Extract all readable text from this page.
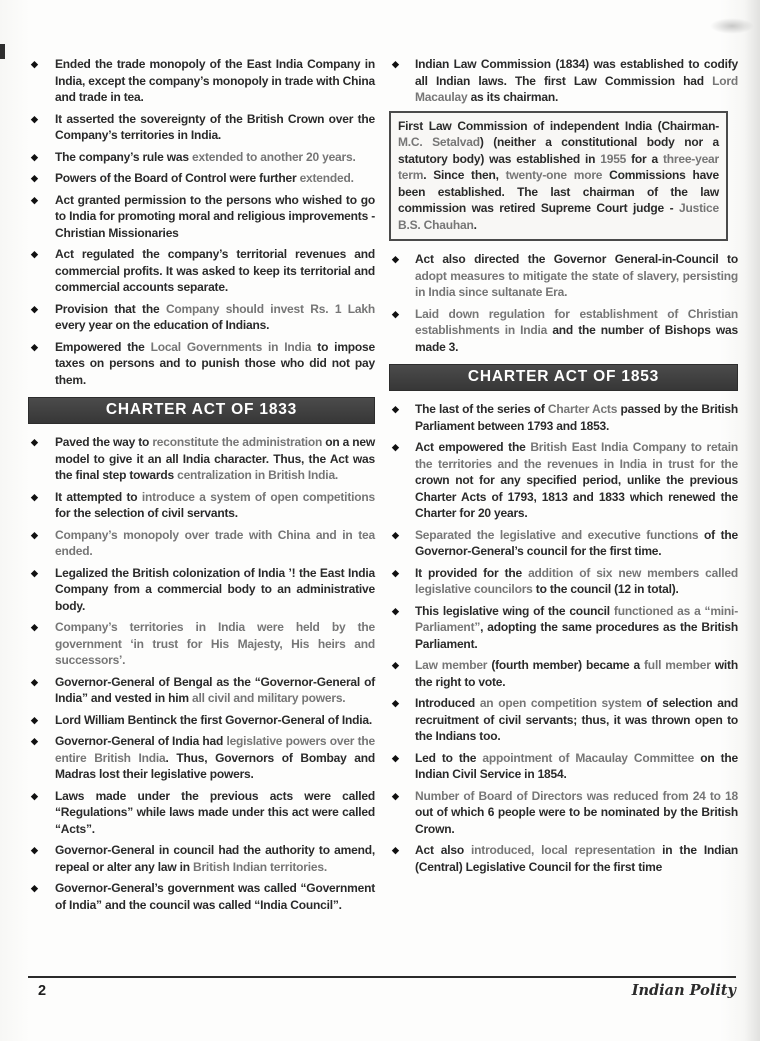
◆	Ended the trade monopoly of the East India Company in India, except the company’s monopoly in trade with China and trade in tea.
◆	It asserted the sovereignty of the British Crown over the Company’s territories in India.
◆	The company’s rule was extended to another 20 years.
◆	Powers of the Board of Control were further extended.
◆	Act granted permission to the persons who wished to go to India for promoting moral and religious improvements - Christian Missionaries
◆	Act regulated the company’s territorial revenues and commercial profits. It was asked to keep its territorial and commercial accounts separate.
◆	Provision that the Company should invest Rs. 1 Lakh every year on the education of Indians.
◆	Empowered the Local Governments in India to impose taxes on persons and to punish those who did not pay them.
CHARTER ACT OF 1833
◆	Paved the way to reconstitute the administration on a new model to give it an all India character. Thus, the Act was the final step towards centralization in British India.
◆	It attempted to introduce a system of open competitions for the selection of civil servants.
◆	Company’s monopoly over trade with China and in tea ended.
◆	Legalized the British colonization of India ’! the East India Company from a commercial body to an administrative body.
◆	Company’s territories in India were held by the government ‘in trust for His Majesty, His heirs and successors’.
◆	Governor-General of Bengal as the “Governor-General of India” and vested in him all civil and military powers.
◆	Lord William Bentinck the first Governor-General of India.
◆	Governor-General of India had legislative powers over the entire British India. Thus, Governors of Bombay and Madras lost their legislative powers.
◆	Laws made under the previous acts were called “Regulations” while laws made under this act were called “Acts”.
◆	Governor-General in council had the authority to amend, repeal or alter any law in British Indian territories.
◆	Governor-General’s government was called “Government of India” and the council was called “India Council”.
◆	Indian Law Commission (1834) was established to codify all Indian laws. The first Law Commission had Lord Macaulay as its chairman.
First Law Commission of independent India (Chairman-M.C. Setalvad) (neither a constitutional body nor a statutory body) was established in 1955 for a three-year term. Since then, twenty-one more Commissions have been established. The last chairman of the law commission was retired Supreme Court judge - Justice B.S. Chauhan.
◆	Act also directed the Governor General-in-Council to adopt measures to mitigate the state of slavery, persisting in India since sultanate Era.
◆	Laid down regulation for establishment of Christian establishments in India and the number of Bishops was made 3.
CHARTER ACT OF 1853
◆	The last of the series of Charter Acts passed by the British Parliament between 1793 and 1853.
◆	Act empowered the British East India Company to retain the territories and the revenues in India in trust for the crown not for any specified period, unlike the previous Charter Acts of 1793, 1813 and 1833 which renewed the Charter for 20 years.
◆	Separated the legislative and executive functions of the Governor-General’s council for the first time.
◆	It provided for the addition of six new members called legislative councilors to the council (12 in total).
◆	This legislative wing of the council functioned as a “mini-Parliament”, adopting the same procedures as the British Parliament.
◆	Law member (fourth member) became a full member with the right to vote.
◆	Introduced an open competition system of selection and recruitment of civil servants; thus, it was thrown open to the Indians too.
◆	Led to the appointment of Macaulay Committee on the Indian Civil Service in 1854.
◆	Number of Board of Directors was reduced from 24 to 18 out of which 6 people were to be nominated by the British Crown.
◆	Act also introduced, local representation in the Indian (Central) Legislative Council for the first time
2	Indian Polity
